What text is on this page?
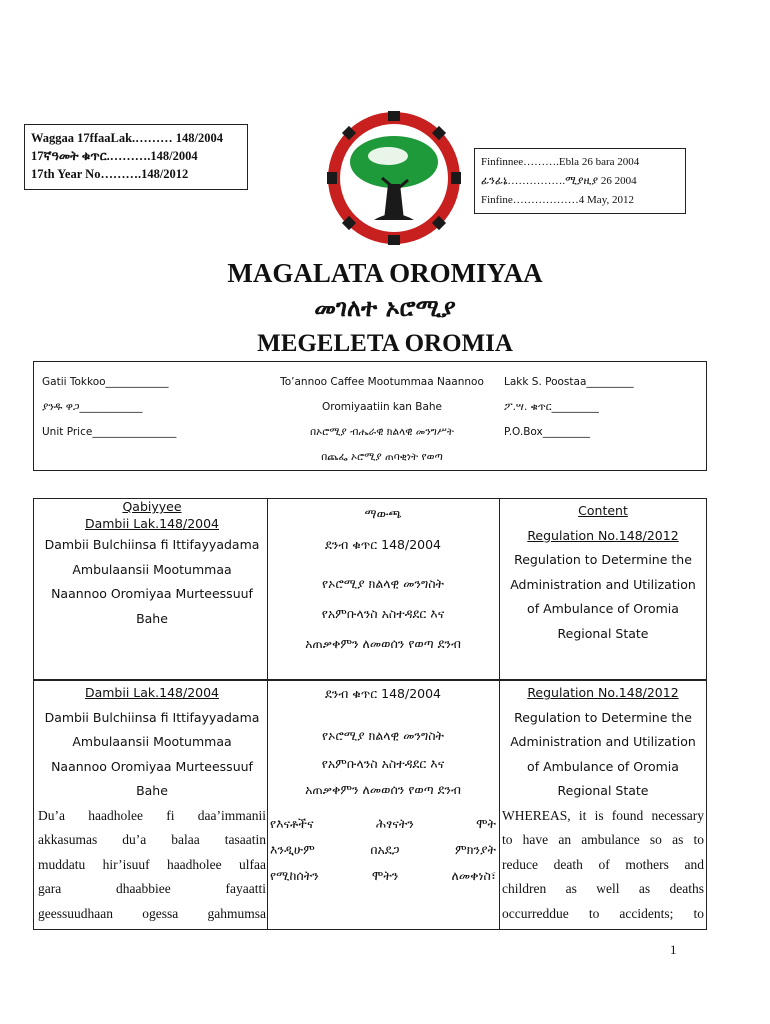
Waggaa 17ffaaLak.……… 148/2004
17ኛዓመት ቁጥር.……….148/2004
17th Year No……….148/2012
Finfinnee……….Ebla 26 bara 2004
ፊንፊኔ…………….ሚያዚያ 26 2004
Finfine………………4 May, 2012
MAGALATA OROMIYAA
መገለተ ኦሮሚያ
MEGELETA OROMIA
Gatii Tokkoo____________
ያንዱ ዋጋ____________
Unit Price________________
To’annoo Caffee Mootummaa Naannoo
Oromiyaatiin kan Bahe
በኦሮሚያ ብሔራዊ ክልላዊ መንግሥት
በጨፌ ኦሮሚያ ጠባቂነት የወጣ
Lakk S. Poostaa_________
ፖ.ሣ. ቁጥር_________
P.O.Box_________
Qabiyyee
Dambii Lak.148/2004
Dambii Bulchiinsa fi Ittifayyadama
Ambulaansii Mootummaa
Naannoo Oromiyaa Murteessuuf
Bahe
ማውጫ
ደንብ ቁጥር 148/2004
የኦሮሚያ ክልላዊ መንግስት
የአምቡላንስ አስተዳደር እና
አጠቃቀምን ለመወሰን የወጣ ደንብ
Content
Regulation No.148/2012
Regulation to Determine the
Administration and Utilization
of Ambulance of Oromia
Regional State
Dambii Lak.148/2004
Dambii Bulchiinsa fi Ittifayyadama
Ambulaansii Mootummaa
Naannoo Oromiyaa Murteessuuf
Bahe
Du’a haadholee fi daa’immanii
akkasumas du’a balaa tasaatin
muddatu hir’isuuf haadholee ulfaa
gara dhaabbiee fayaatti
geessuudhaan ogessa gahmumsa
ደንብ ቁጥር 148/2004
የኦሮሚያ ክልላዊ መንግስት
የአምቡላንስ አስተዳደር እና
አጠቃቀምን ለመወሰን የወጣ ደንብ
የእናቶችና ሕፃናትን ሞት
እንዲሁም በአደጋ ምክንያት
የሚከሰትን ሞትን ለመቀነስ፣
Regulation No.148/2012
Regulation to Determine the
Administration and Utilization
of Ambulance of Oromia
Regional State
WHEREAS, it is found necessary
to have an ambulance so as to
reduce death of mothers and
children as well as deaths
occurreddue to accidents; to
1
